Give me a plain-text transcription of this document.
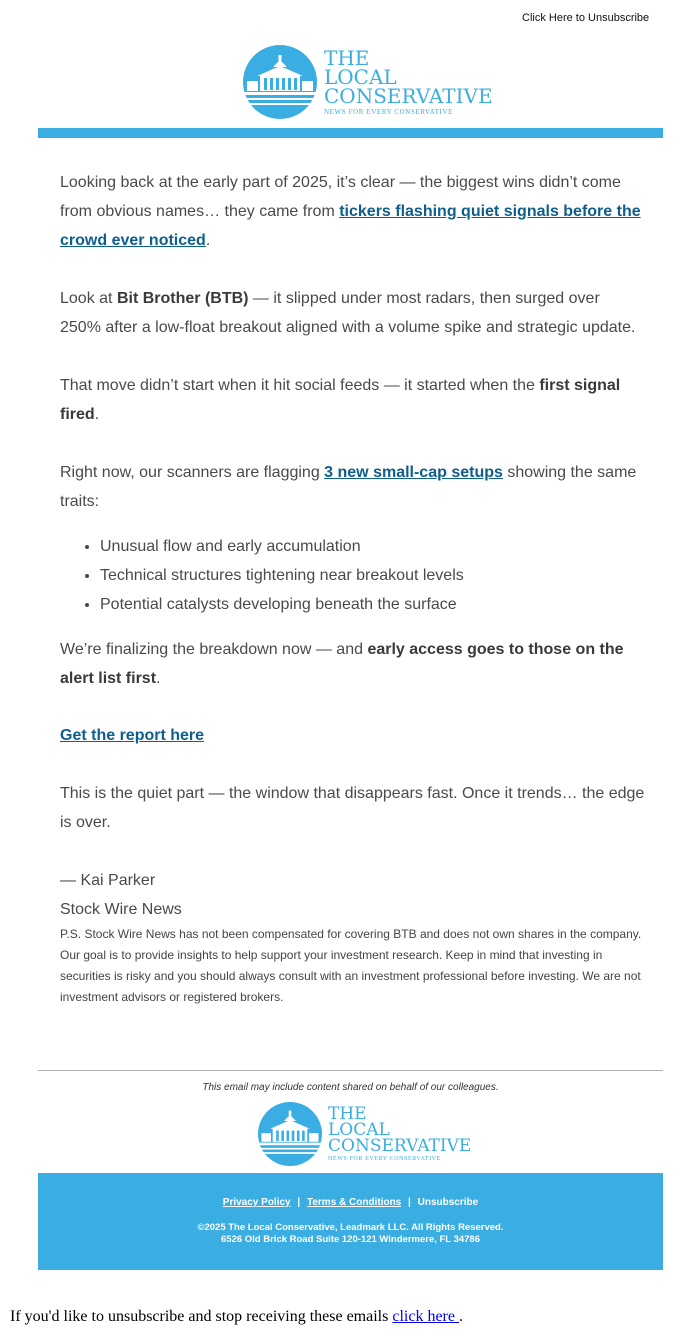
Click Here to Unsubscribe
THE
LOCAL
CONSERVATIVE
NEWS FOR EVERY CONSERVATIVE

Looking back at the early part of 2025, it’s clear — the biggest wins didn’t come from obvious names… they came from tickers flashing quiet signals before the crowd ever noticed.

Look at Bit Brother (BTB) — it slipped under most radars, then surged over 250% after a low-float breakout aligned with a volume spike and strategic update.

That move didn’t start when it hit social feeds — it started when the first signal fired.

Right now, our scanners are flagging 3 new small-cap setups showing the same traits:

• Unusual flow and early accumulation
• Technical structures tightening near breakout levels
• Potential catalysts developing beneath the surface

We’re finalizing the breakdown now — and early access goes to those on the alert list first.

Get the report here

This is the quiet part — the window that disappears fast. Once it trends… the edge is over.

— Kai Parker

Stock Wire News

P.S. Stock Wire News has not been compensated for covering BTB and does not own shares in the company. Our goal is to provide insights to help support your investment research. Keep in mind that investing in securities is risky and you should always consult with an investment professional before investing. We are not investment advisors or registered brokers.

This email may include content shared on behalf of our colleagues.
THE
LOCAL
CONSERVATIVE
NEWS FOR EVERY CONSERVATIVE
Privacy Policy | Terms & Conditions | Unsubscribe
©2025 The Local Conservative, Leadmark LLC. All Rights Reserved.
6526 Old Brick Road Suite 120-121 Windermere, FL 34786
If you'd like to unsubscribe and stop receiving these emails click here .
